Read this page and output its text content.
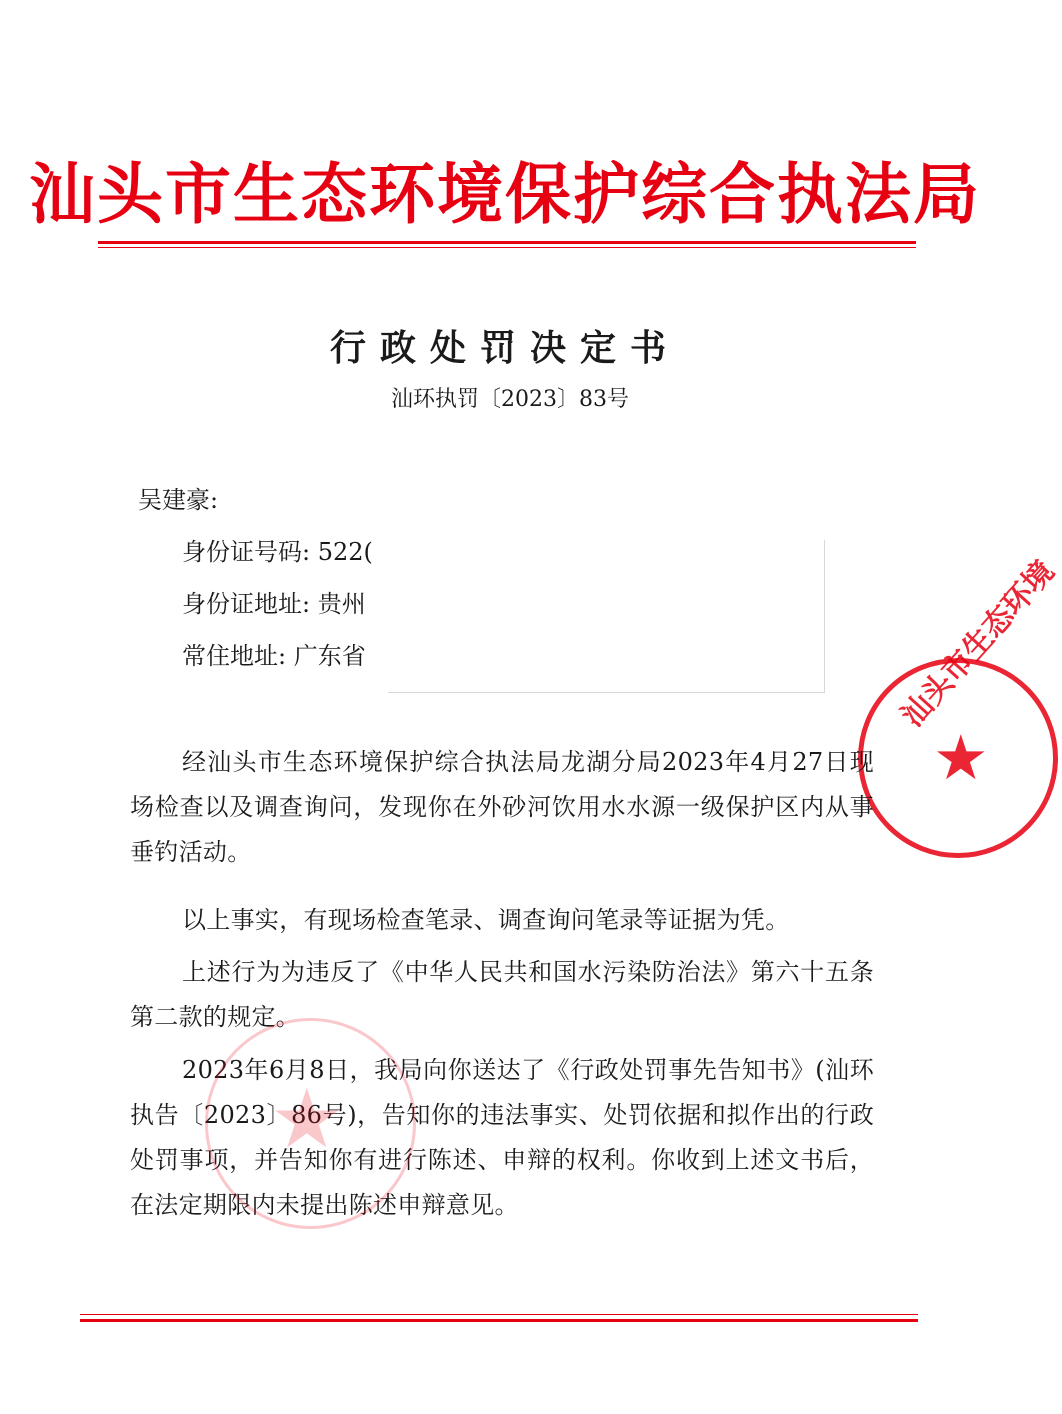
汕头市生态环境保护综合执法局
行政处罚决定书
汕环执罚〔2023〕83号
吴建豪:
身份证号码: 522(
身份证地址: 贵州
常住地址: 广东省	汕头市生态环境
★
经汕头市生态环境保护综合执法局龙湖分局2023年4月27日现场检查以及调查询问，发现你在外砂河饮用水水源一级保护区内从事垂钓活动。
以上事实，有现场检查笔录、调查询问笔录等证据为凭。
上述行为为违反了《中华人民共和国水污染防治法》第六十五条第二款的规定。
2023年6月8日，我局向你送达了《行政处罚事先告知书》(汕环执告〔2023〕86号)，告知你的违法事实、处罚依据和拟作出的行政处罚事项，并告知你有进行陈述、申辩的权利。你收到上述文书后，在法定期限内未提出陈述申辩意见。
★
